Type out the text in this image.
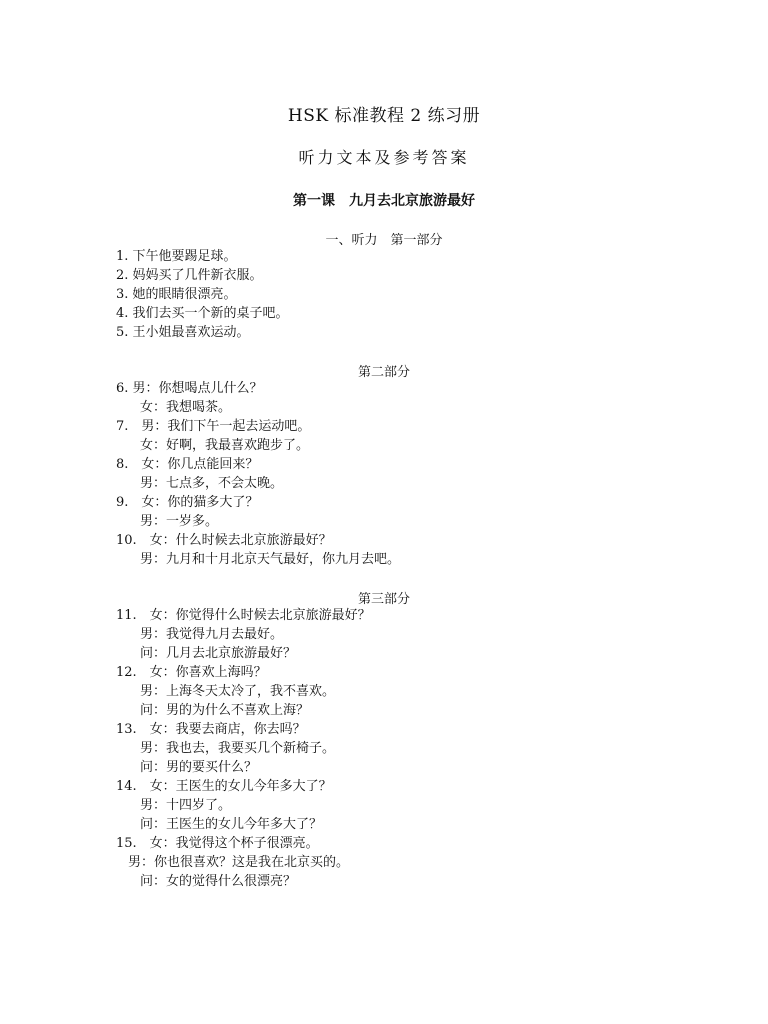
HSK 标准教程 2 练习册
听力文本及参考答案
第一课　九月去北京旅游最好
一、听力　第一部分
1. 下午他要踢足球。
2. 妈妈买了几件新衣服。
3. 她的眼睛很漂亮。
4. 我们去买一个新的桌子吧。
5. 王小姐最喜欢运动。
第二部分
6. 男：你想喝点儿什么？
女：我想喝茶。
7.　男：我们下午一起去运动吧。
女：好啊，我最喜欢跑步了。
8.　女：你几点能回来？
男：七点多，不会太晚。
9.　女：你的猫多大了？
男：一岁多。
10.　女：什么时候去北京旅游最好？
男：九月和十月北京天气最好，你九月去吧。
第三部分
11.　女：你觉得什么时候去北京旅游最好？
男：我觉得九月去最好。
问：几月去北京旅游最好？
12.　女：你喜欢上海吗？
男：上海冬天太冷了，我不喜欢。
问：男的为什么不喜欢上海？
13.　女：我要去商店，你去吗？
男：我也去，我要买几个新椅子。
问：男的要买什么？
14.　女：王医生的女儿今年多大了？
男：十四岁了。
问：王医生的女儿今年多大了？
15.　女：我觉得这个杯子很漂亮。
男：你也很喜欢？这是我在北京买的。
问：女的觉得什么很漂亮？
